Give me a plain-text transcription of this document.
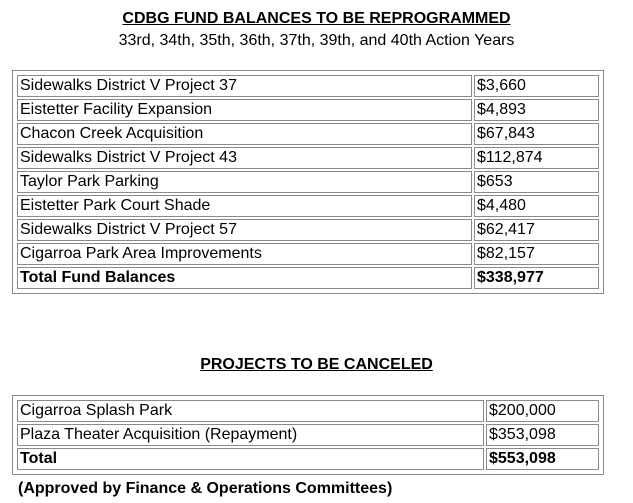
CDBG FUND BALANCES TO BE REPROGRAMMED
33rd, 34th, 35th, 36th, 37th, 39th, and 40th Action Years
Sidewalks District V Project 37	$3,660
Eistetter Facility Expansion	$4,893
Chacon Creek Acquisition	$67,843
Sidewalks District V Project 43	$112,874
Taylor Park Parking	$653
Eistetter Park Court Shade	$4,480
Sidewalks District V Project 57	$62,417
Cigarroa Park Area Improvements	$82,157
Total Fund Balances	$338,977
PROJECTS TO BE CANCELED
Cigarroa Splash Park	$200,000
Plaza Theater Acquisition (Repayment)	$353,098
Total	$553,098
(Approved by Finance & Operations Committees)
